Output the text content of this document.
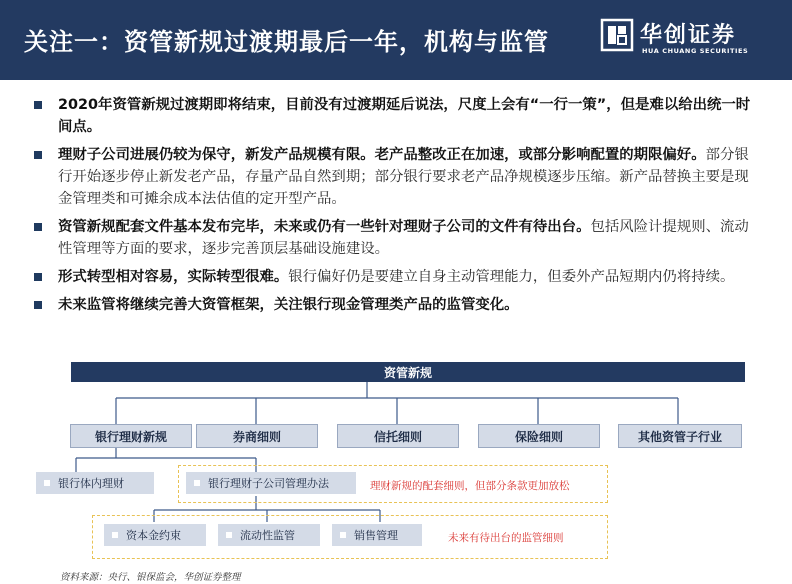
关注一：资管新规过渡期最后一年，机构与监管	华创证券
HUA CHUANG SECURITIES
2020年资管新规过渡期即将结束，目前没有过渡期延后说法，尺度上会有“一行一策”，但是难以给出统一时间点。
理财子公司进展仍较为保守，新发产品规模有限。老产品整改正在加速，或部分影响配置的期限偏好。部分银行开始逐步停止新发老产品，存量产品自然到期；部分银行要求老产品净规模逐步压缩。新产品替换主要是现金管理类和可摊余成本法估值的定开型产品。
资管新规配套文件基本发布完毕，未来或仍有一些针对理财子公司的文件有待出台。包括风险计提规则、流动性管理等方面的要求，逐步完善顶层基础设施建设。
形式转型相对容易，实际转型很难。银行偏好仍是要建立自身主动管理能力，但委外产品短期内仍将持续。
未来监管将继续完善大资管框架，关注银行现金管理类产品的监管变化。
资管新规
银行理财新规	券商细则	信托细则	保险细则	其他资管子行业
银行体内理财	银行理财子公司管理办法	理财新规的配套细则，但部分条款更加放松
资本金约束	流动性监管	销售管理	未来有待出台的监管细则
资料来源：央行、银保监会，华创证券整理
